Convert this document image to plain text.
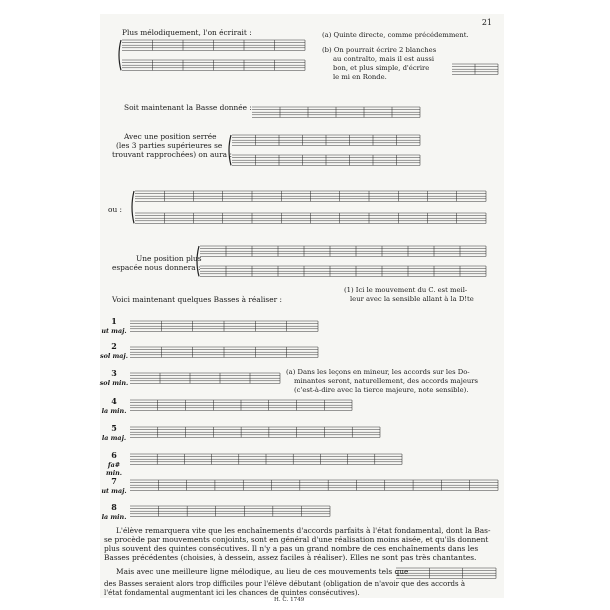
21
Plus mélodiquement, l'on écrirait :	(a) Quinte directe, comme précédemment.
(b) On pourrait écrire 2 blanches
au contralto, mais il est aussi
bon, et plus simple, d'écrire
le mi en Ronde.
Soit maintenant la Basse donnée :
Avec une position serrée
(les 3 parties supérieures se
trouvant rapprochées) on aura :
ou :
Une position plus
espacée nous donnera :
(1) Ici le mouvement du C. est meil-
leur avec la sensible allant à la D!te
Voici maintenant quelques Basses à réaliser :
(a) Dans les leçons en mineur, les accords sur les Do-
minantes seront, naturellement, des accords majeurs
(c'est-à-dire avec la tierce majeure, note sensible).
1
ut maj.
2
sol maj.
3
sol min.
4
la min.
5
la maj.
6
fa# min.
7
ut maj.
8
la min.
L'élève remarquera vite que les enchaînements d'accords parfaits à l'état fondamental, dont la Bas-
se procède par mouvements conjoints, sont en général d'une réalisation moins aisée, et qu'ils donnent
plus souvent des quintes consécutives. Il n'y a pas un grand nombre de ces enchaînements dans les
Basses précédentes (choisies, à dessein, assez faciles à réaliser). Elles ne sont pas très chantantes.
Mais avec une meilleure ligne mélodique, au lieu de ces mouvements tels que
des Basses seraient alors trop difficiles pour l'élève débutant (obligation de n'avoir que des accords à
l'état fondamental augmentant ici les chances de quintes consécutives).
H. C. 1749
